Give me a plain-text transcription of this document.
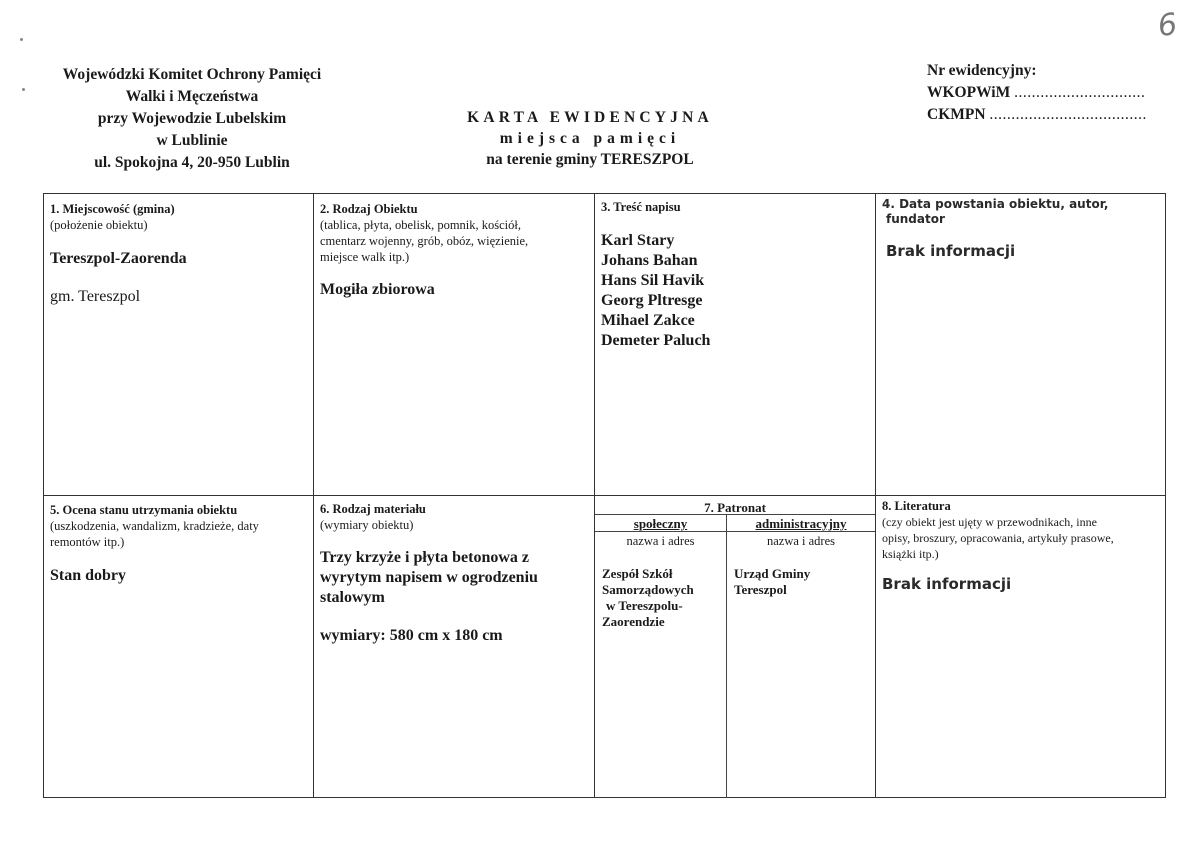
6
Wojewódzki Komitet Ochrony Pamięci
Walki i Męczeństwa
przy Wojewodzie Lubelskim
w Lublinie
ul. Spokojna 4, 20-950 Lublin
KARTA EWIDENCYJNA
miejsca pamięci
na terenie gminy TERESZPOL
Nr ewidencyjny:
WKOPWiM ..............................
CKMPN ....................................
1. Miejscowość (gmina)
(położenie obiektu)
Tereszpol-Zaorenda
gm. Tereszpol
2. Rodzaj Obiektu
(tablica, płyta, obelisk, pomnik, kościół,
cmentarz wojenny, grób, obóz, więzienie,
miejsce walk itp.)
Mogiła zbiorowa
3. Treść napisu
Karl Stary
Johans Bahan
Hans Sil Havik
Georg Pltresge
Mihael Zakce
Demeter Paluch
4. Data powstania obiektu, autor,
fundator
Brak informacji
5. Ocena stanu utrzymania obiektu
(uszkodzenia, wandalizm, kradzieże, daty
remontów itp.)
Stan dobry
6. Rodzaj materiału
(wymiary obiektu)
Trzy krzyże i płyta betonowa z
wyrytym napisem w ogrodzeniu
stalowym
wymiary: 580 cm x 180 cm
7. Patronat
społeczny	administracyjny
nazwa i adres	nazwa i adres
Zespół Szkół
Samorządowych
w Tereszpolu-
Zaorendzie
Urząd Gminy
Tereszpol
8. Literatura
(czy obiekt jest ujęty w przewodnikach, inne
opisy, broszury, opracowania, artykuły prasowe,
książki itp.)
Brak informacji
